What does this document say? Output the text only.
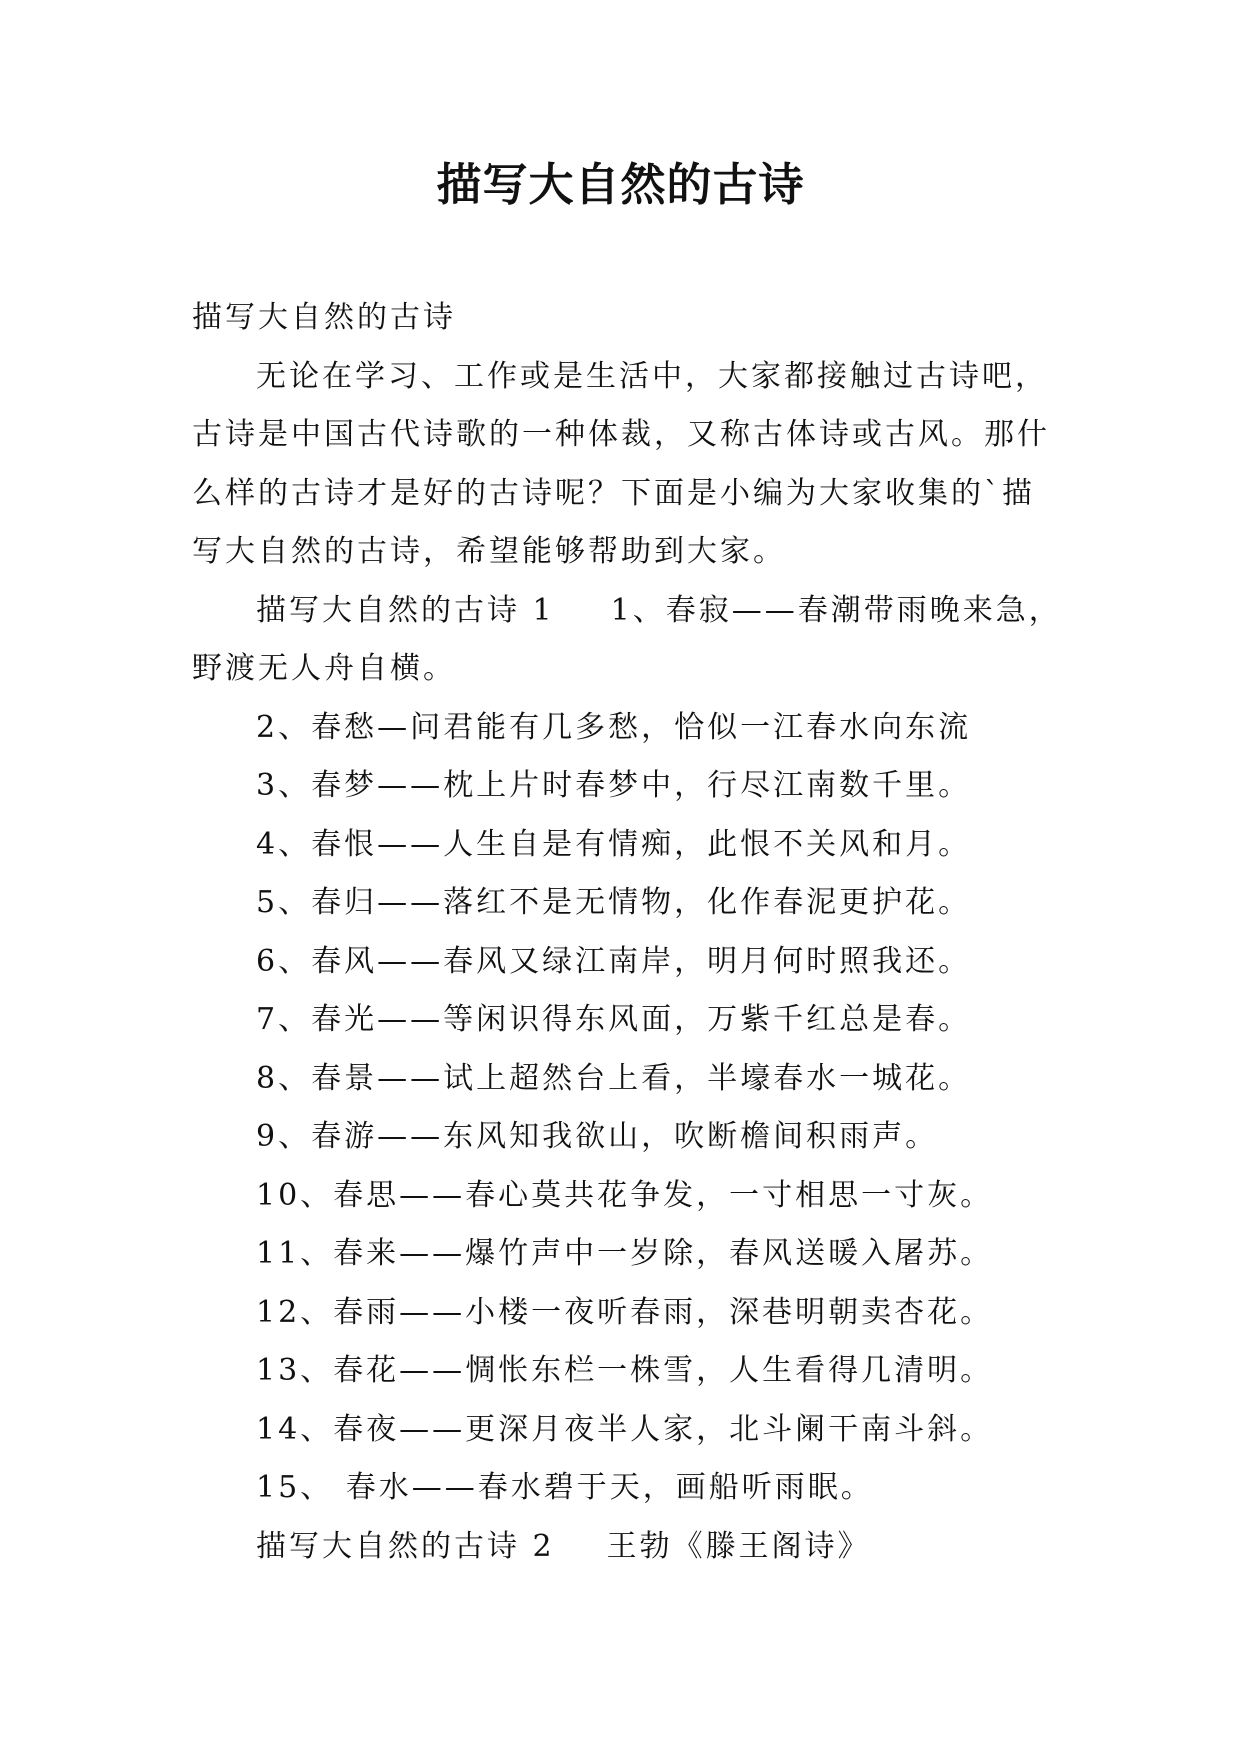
描写大自然的古诗
描写大自然的古诗
无论在学习、工作或是生活中，大家都接触过古诗吧，
古诗是中国古代诗歌的一种体裁，又称古体诗或古风。那什
么样的古诗才是好的古诗呢？下面是小编为大家收集的`描
写大自然的古诗，希望能够帮助到大家。
描写大自然的古诗 1 1、春寂——春潮带雨晚来急，
野渡无人舟自横。
2、春愁—问君能有几多愁，恰似一江春水向东流
3、春梦——枕上片时春梦中，行尽江南数千里。
4、春恨——人生自是有情痴，此恨不关风和月。
5、春归——落红不是无情物，化作春泥更护花。
6、春风——春风又绿江南岸，明月何时照我还。
7、春光——等闲识得东风面，万紫千红总是春。
8、春景——试上超然台上看，半壕春水一城花。
9、春游——东风知我欲山，吹断檐间积雨声。
10、春思——春心莫共花争发，一寸相思一寸灰。
11、春来——爆竹声中一岁除，春风送暖入屠苏。
12、春雨——小楼一夜听春雨，深巷明朝卖杏花。
13、春花——惆怅东栏一株雪，人生看得几清明。
14、春夜——更深月夜半人家，北斗阑干南斗斜。
15、 春水——春水碧于天，画船听雨眠。
描写大自然的古诗 2 王勃《滕王阁诗》
